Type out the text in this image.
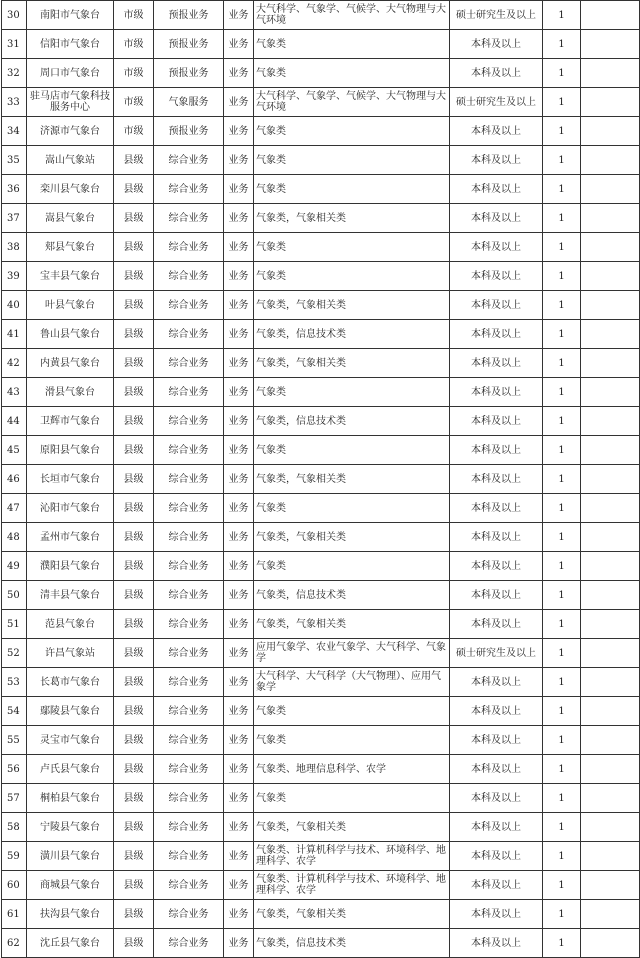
30	南阳市气象台	市级	预报业务	业务	大气科学、气象学、气候学、大气物理与大气环境	硕士研究生及以上	1	
31	信阳市气象台	市级	预报业务	业务	气象类	本科及以上	1	
32	周口市气象台	市级	预报业务	业务	气象类	本科及以上	1	
33	驻马店市气象科技服务中心	市级	气象服务	业务	大气科学、气象学、气候学、大气物理与大气环境	硕士研究生及以上	1	
34	济源市气象台	市级	预报业务	业务	气象类	本科及以上	1	
35	嵩山气象站	县级	综合业务	业务	气象类	本科及以上	1	
36	栾川县气象台	县级	综合业务	业务	气象类	本科及以上	1	
37	嵩县气象台	县级	综合业务	业务	气象类，气象相关类	本科及以上	1	
38	郏县气象台	县级	综合业务	业务	气象类	本科及以上	1	
39	宝丰县气象台	县级	综合业务	业务	气象类	本科及以上	1	
40	叶县气象台	县级	综合业务	业务	气象类，气象相关类	本科及以上	1	
41	鲁山县气象台	县级	综合业务	业务	气象类，信息技术类	本科及以上	1	
42	内黄县气象台	县级	综合业务	业务	气象类，气象相关类	本科及以上	1	
43	滑县气象台	县级	综合业务	业务	气象类	本科及以上	1	
44	卫辉市气象台	县级	综合业务	业务	气象类，信息技术类	本科及以上	1	
45	原阳县气象台	县级	综合业务	业务	气象类	本科及以上	1	
46	长垣市气象台	县级	综合业务	业务	气象类，气象相关类	本科及以上	1	
47	沁阳市气象台	县级	综合业务	业务	气象类	本科及以上	1	
48	孟州市气象台	县级	综合业务	业务	气象类，气象相关类	本科及以上	1	
49	濮阳县气象台	县级	综合业务	业务	气象类	本科及以上	1	
50	清丰县气象台	县级	综合业务	业务	气象类，信息技术类	本科及以上	1	
51	范县气象台	县级	综合业务	业务	气象类，气象相关类	本科及以上	1	
52	许昌气象站	县级	综合业务	业务	应用气象学、农业气象学、大气科学、气象学	硕士研究生及以上	1	
53	长葛市气象台	县级	综合业务	业务	大气科学、大气科学（大气物理）、应用气象学	本科及以上	1	
54	鄢陵县气象台	县级	综合业务	业务	气象类	本科及以上	1	
55	灵宝市气象台	县级	综合业务	业务	气象类	本科及以上	1	
56	卢氏县气象台	县级	综合业务	业务	气象类、地理信息科学、农学	本科及以上	1	
57	桐柏县气象台	县级	综合业务	业务	气象类	本科及以上	1	
58	宁陵县气象台	县级	综合业务	业务	气象类，气象相关类	本科及以上	1	
59	潢川县气象台	县级	综合业务	业务	气象类、计算机科学与技术、环境科学、地理科学、农学	本科及以上	1	
60	商城县气象台	县级	综合业务	业务	气象类、计算机科学与技术、环境科学、地理科学、农学	本科及以上	1	
61	扶沟县气象台	县级	综合业务	业务	气象类，气象相关类	本科及以上	1	
62	沈丘县气象台	县级	综合业务	业务	气象类，信息技术类	本科及以上	1	
